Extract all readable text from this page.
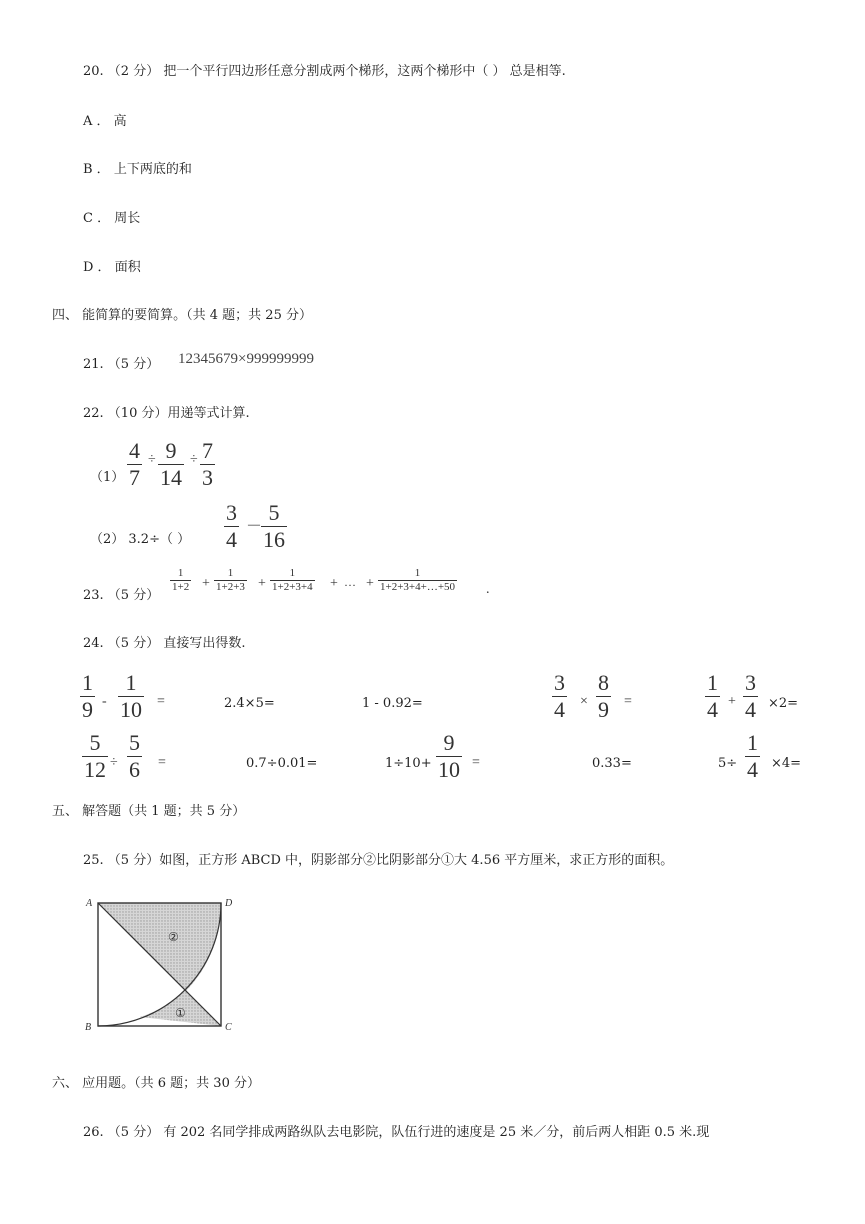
20. （2 分） 把一个平行四边形任意分割成两个梯形，这两个梯形中（ ） 总是相等.
A ． 高
B ． 上下两底的和
C ． 周长
D ． 面积
四、 能简算的要简算。（共 4 题；共 25 分）
21. （5 分） 12345679×999999999
22. （10 分）用递等式计算.
（1）
4
7
÷ 9
14
÷ 7
3
（2） 3.2÷（ ）
3
4
－
5
16
23. （5 分）
1
1+2 +
1
1+2+3 +
1
1+2+3+4 + ··· +
1
1+2+3+4+…+50 .
24. （5 分） 直接写出得数.
1
9 -
1
10 =	2.4×5=	1 - 0.92=
3
4 ×
8
9 =
1
4 +
3
4 ×2=
5
12 ÷
5
6 =	0.7÷0.01=	1÷10+
9
10 =	0.33=	5÷
1
4 ×4=
五、 解答题（共 1 题；共 5 分）
25. （5 分）如图，正方形 ABCD 中，阴影部分②比阴影部分①大 4.56 平方厘米，求正方形的面积。
A	D
B	C
②
①
六、 应用题。（共 6 题；共 30 分）
26. （5 分） 有 202 名同学排成两路纵队去电影院，队伍行进的速度是 25 米／分，前后两人相距 0.5 米.现
